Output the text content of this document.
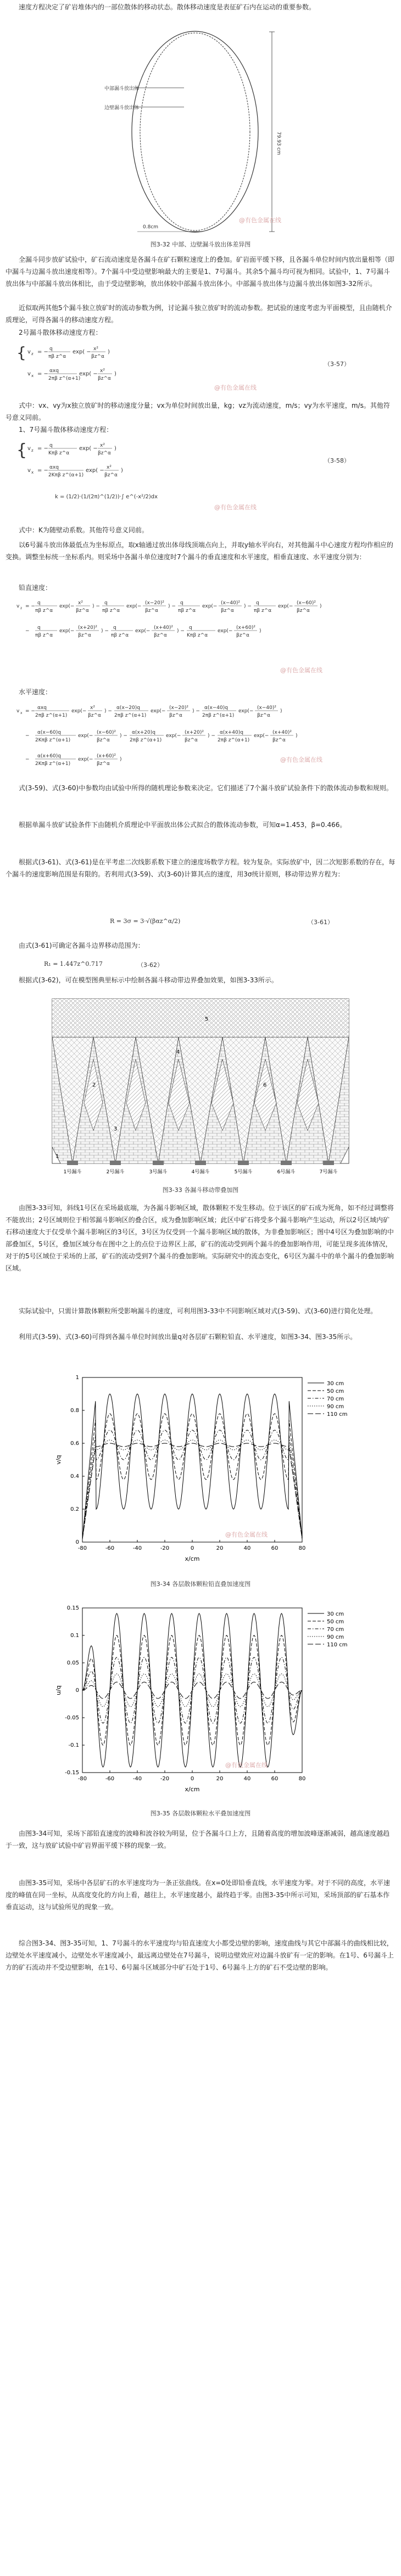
速度方程决定了矿岩堆体内的一部位散体的移动状态。散体移动速度是表征矿石内在运动的重要参数。

中部漏斗放出体
边壁漏斗放出体
0.8cm
79.93 cm
@有色金属在线
图3-32 中部、边壁漏斗放出体差异图

全漏斗同步放矿试验中，矿石流动速度是各漏斗在矿石颗粒速度上的叠加。矿岩面平缓下移，且各漏斗单位时间内放出量相等（即中漏斗与边漏斗放出速度相等）。7个漏斗中受边壁影响最大的主要是1、7号漏斗。其余5个漏斗均可视为相同。试验中，1、7号漏斗放出体与中部漏斗放出体相比，由于受边壁影响，放出体较中部漏斗放出体小。中部漏斗放出体与边漏斗放出体如图3-32所示。

近似取两其他5个漏斗独立放矿时的流动参数为例，讨论漏斗独立放矿时的流动参数。把试验的速度考虑为平面模型，且由随机介质理论，可得各漏斗的移动速度方程。

2号漏斗散体移动速度方程：

{ v z = − q
πβ z^α
exp( − x²
βz^α
)
v x = − αxq
2πβ z^(α+1)
exp( − x²
βz^α
)
（3-57）
@有色金属在线

式中：vx、vy为x独立放矿时的移动速度分量；vx为单位时间放出量，kg；vz为流动速度，m/s；vy为水平速度，m/s。其他符号意义同前。

1、7号漏斗散体移动速度方程：

{ v z = − q
Kπβ z^α
exp( − x²
βz^α
)
v x = − αxq
2Kπβ z^(α+1)
exp( − x²
βz^α
)
（3-58）
k = (1/2)·(1/(2π)^(1/2))·∫ e^(-x²/2)dx
@有色金属在线

式中：K为随壁动系数。其他符号意义同前。

以6号漏斗放出体最低点为坐标原点，取x轴通过放出体母线顶端点向上，并取y轴水平向右，对其他漏斗中心速度方程均作相应的变换。调整坐标统一坐标系内。则采场中各漏斗单位速度时7个漏斗的垂直速度和水平速度，相垂直速度、水平速度分别为：

铅直速度：

v z = −
q
πβ z^α
exp(−
x²
βz^α
) −
q
πβ z^α
exp(−
(x−20)²
βz^α
) −
q
πβ z^α
exp(−
(x−40)²
βz^α
) −
q
πβ z^α
exp(−
(x−60)²
βz^α
)
−
q
πβ z^α
exp(−
(x+20)²
βz^α
) −
q
πβ z^α
exp(−
(x+40)²
βz^α
) −
q
Kπβ z^α
exp(−
(x+60)²
βz^α
)
@有色金属在线

水平速度：

v x = −
αxq
2πβ z^(α+1)
exp(−
x²
βz^α
) −
α(x−20)q
2πβ z^(α+1)
exp(−
(x−20)²
βz^α
) −
α(x−40)q
2πβ z^(α+1)
exp(−
(x−40)²
βz^α
)
−
α(x−60)q
2Kπβ z^(α+1)
exp(−
(x−60)²
βz^α
) −
α(x+20)q
2πβ z^(α+1)
exp(−
(x+20)²
βz^α
) −
α(x+40)q
2πβ z^(α+1)
exp(−
(x+40)²
βz^α
)
−
α(x+60)q
2Kπβ z^(α+1)
exp(−
(x+60)²
βz^α
)	@有色金属在线

式(3-59)、式(3-60)中参数均由试验中所得的随机理论参数来决定。它们描述了7个漏斗放矿试验条件下的散体流动参数和规则。

根据单漏斗放矿试验条件下由随机介质理论中平面放出体公式拟合的散体流动参数，可知α=1.453，β=0.466。

根据式(3-61)、式(3-61)是在平考虑二次线影系数下建立的速度场数学方程。较为复杂。实际放矿中，因二次短影系数的存在，每个漏斗的速度影响范围是有限的。若利用式(3-59)、式(3-60)计算其点的速度，用3σ统计原则，移动带边界方程为：

R = 3σ = 3·√(βαz^α/2)	（3-61）

由式(3-61)可确定各漏斗边界移动范围为：

R₁ = 1.447z^0.717	（3-62）

根据式(3-62)，可在模型图典里标示中绘制各漏斗移动带边界叠加效果，如图3-33所示。

1
2
3
4
5
6
1号漏斗	2号漏斗	3号漏斗	4号漏斗	5号漏斗	6号漏斗	7号漏斗
图3-33 各漏斗移动带叠加图

由图3-33可知，斜线1号区在采场最底端，为各漏斗影响区域，散体颗粒不发生移动。位于该区的矿石成为死角，如不经过调整将不能放出；2号区域则位于相邻漏斗影响区的叠合区，成为叠加影响区域；此区中矿石将受多个漏斗影响产生运动，所以2号区域内矿石移动速度大于仅受单个漏斗影响区的3号区，3号区为仅受到一个漏斗影响区域的散体，为非叠加影响区；图中4号区为叠加影响的中部叠加区，5号区，叠加区域分布在图中之上的点位于边界区上部，矿石的流动受到两个漏斗的叠加影响作用，可能呈现多流体情况，对于的5号区域位于采场的上部，矿石的流动受到7个漏斗的叠加影响。实际研究中的流态变化，6号区为漏斗中的单个漏斗的叠加影响区域。

实际试验中，只需计算散体颗粒所受影响漏斗的速度，可利用图3-33中不同影响区域对式(3-59)、式(3-60)进行简化处理。

利用式(3-59)、式(3-60)可得到各漏斗单位时间放出量q对各层矿石颗粒铅直、水平速度，如图3-34、图3-35所示。

-80	-60	-40	-20	0	20	40	60	80
0
0.2
0.4
0.6
0.8
1
x/cm
v/q
30 cm
50 cm
70 cm
90 cm
110 cm
@有色金属在线
图3-34 各层散体颗粒铅直叠加速度图
-80	-60	-40	-20	0	20	40	60	80
-0.15
-0.1
-0.05
0
0.05
0.1
0.15
x/cm
u/q
30 cm
50 cm
70 cm
90 cm
110 cm
@有色金属在线
图3-35 各层散体颗粒水平叠加速度图

由图3-34可知，采场下部铅直速度的波峰和波谷较为明显，位于各漏斗口上方，且随着高度的增加波峰逐渐减弱，越高速度越趋于一致，这与放矿试验中矿岩界面平缓下移的现象一致。

由图3-35可知，采场中各层矿石的水平速度均为一条正弦曲线。在x=0处即铅垂直线，水平速度为零。对于不同的高度，水平速度的峰值在同一坐标，从高度变化的方向上看，越往上，水平速度越小，最终趋于零。由图3-35中所示可知，采场顶部的矿石基本作垂直运动，这与试验所见的现象一致。

综合图3-34、图3-35可知，1、7号漏斗的水平速度均与铅直速度大小都受边壁的影响，速度曲线与其它中部漏斗的曲线相比较，边壁处水平速度减小，边壁处水平速度减小，最远离边壁处在7号漏斗，说明边壁效应对边漏斗放矿有一定的影响。在1号、6号漏斗上方的矿石流动并不受边壁影响，在1号、6号漏斗区域部分中矿石处于1号、6号漏斗上方的矿石不受边壁的影响。
